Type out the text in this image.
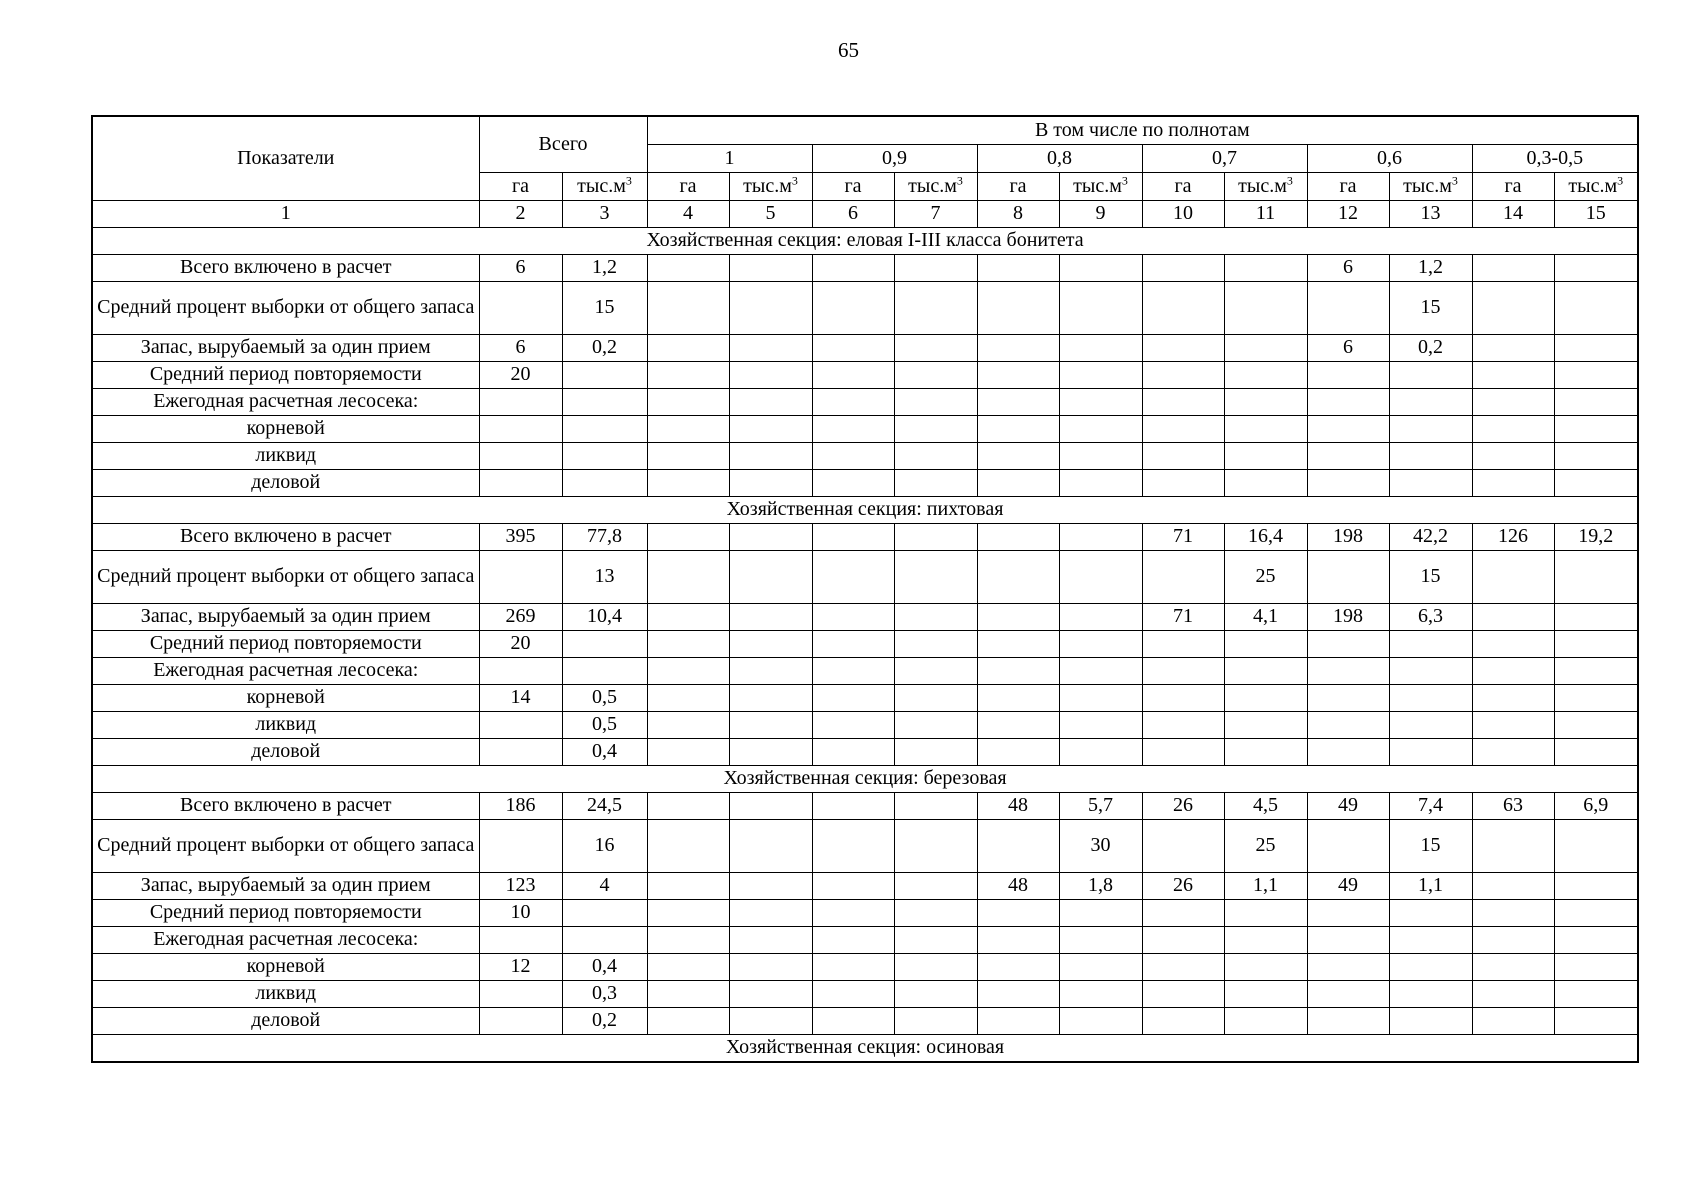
65
Показатели	Всего		В том числе по полнотам											
			1		0,9		0,8		0,7		0,6		0,3-0,5	
	га	$тыс.м^3$	га	$тыс.м^3$	га	$тыс.м^3$	га	$тыс.м^3$	га	$тыс.м^3$	га	$тыс.м^3$	га	$тыс.м^3$
1	2	3	4	5	6	7	8	9	10	11	12	13	14	15
Хозяйственная секция: еловая I-III класса бонитета														
Всего включено в расчет	6	1,2									6	1,2		
Средний процент выборки от общего запаса		15										15		
Запас, вырубаемый за один прием	6	0,2									6	0,2		
Средний период повторяемости	20													
Ежегодная расчетная лесосека:														
корневой														
ликвид														
деловой														
Хозяйственная секция: пихтовая														
Всего включено в расчет	395	77,8							71	16,4	198	42,2	126	19,2
Средний процент выборки от общего запаса		13								25		15		
Запас, вырубаемый за один прием	269	10,4							71	4,1	198	6,3		
Средний период повторяемости	20													
Ежегодная расчетная лесосека:														
корневой	14	0,5												
ликвид		0,5												
деловой		0,4												
Хозяйственная секция: березовая														
Всего включено в расчет	186	24,5					48	5,7	26	4,5	49	7,4	63	6,9
Средний процент выборки от общего запаса		16						30		25		15		
Запас, вырубаемый за один прием	123	4					48	1,8	26	1,1	49	1,1		
Средний период повторяемости	10													
Ежегодная расчетная лесосека:														
корневой	12	0,4												
ликвид		0,3												
деловой		0,2												
Хозяйственная секция: осиновая														
